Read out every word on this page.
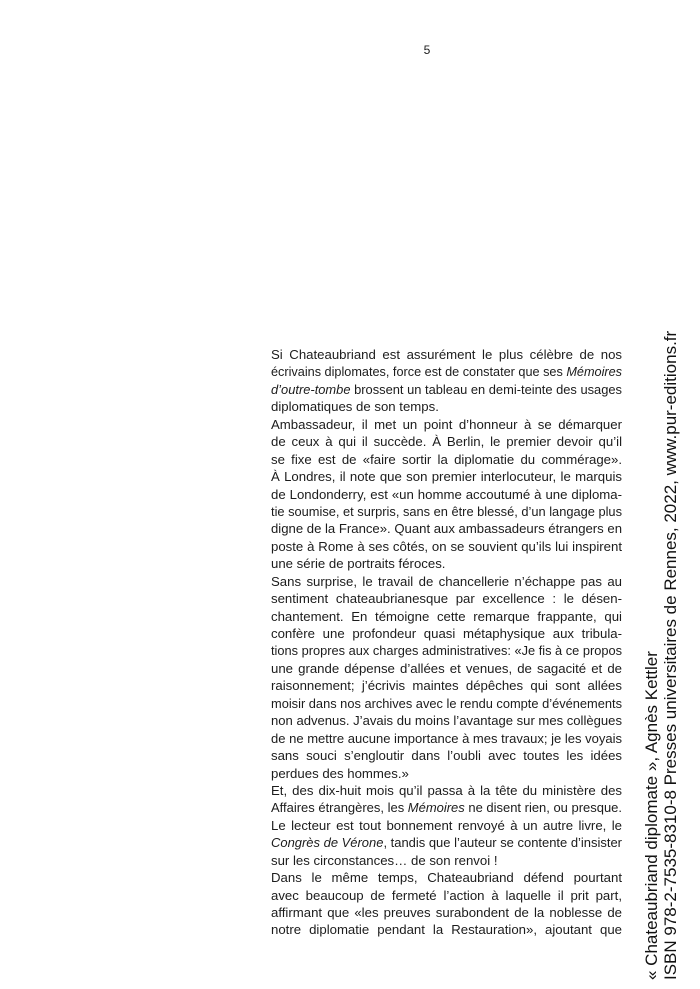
5
Si Chateaubriand est assurément le plus célèbre de nos
écrivains diplomates, force est de constater que ses Mémoires
d’outre-tombe brossent un tableau en demi-teinte des usages
diplomatiques de son temps.
Ambassadeur, il met un point d’honneur à se démarquer
de ceux à qui il succède. À Berlin, le premier devoir qu’il
se fixe est de «faire sortir la diplomatie du commérage».
À Londres, il note que son premier interlocuteur, le marquis
de Londonderry, est «un homme accoutumé à une diploma-
tie soumise, et surpris, sans en être blessé, d’un langage plus
digne de la France». Quant aux ambassadeurs étrangers en
poste à Rome à ses côtés, on se souvient qu’ils lui inspirent
une série de portraits féroces.
Sans surprise, le travail de chancellerie n’échappe pas au
sentiment chateaubrianesque par excellence : le désen-
chantement. En témoigne cette remarque frappante, qui
confère une profondeur quasi métaphysique aux tribula-
tions propres aux charges administratives: «Je fis à ce propos
une grande dépense d’allées et venues, de sagacité et de
raisonnement; j’écrivis maintes dépêches qui sont allées
moisir dans nos archives avec le rendu compte d’événements
non advenus. J’avais du moins l’avantage sur mes collègues
de ne mettre aucune importance à mes travaux; je les voyais
sans souci s’engloutir dans l’oubli avec toutes les idées
perdues des hommes.»
Et, des dix-huit mois qu’il passa à la tête du ministère des
Affaires étrangères, les Mémoires ne disent rien, ou presque.
Le lecteur est tout bonnement renvoyé à un autre livre, le
Congrès de Vérone, tandis que l’auteur se contente d’insister
sur les circonstances… de son renvoi !
Dans le même temps, Chateaubriand défend pourtant
avec beaucoup de fermeté l’action à laquelle il prit part,
affirmant que «les preuves surabondent de la noblesse de
notre diplomatie pendant la Restauration», ajoutant que « Chateaubriand diplomate », Agnès Kettler ISBN 978-2-7535-8310-8 Presses universitaires de Rennes, 2022, www.pur-editions.fr
